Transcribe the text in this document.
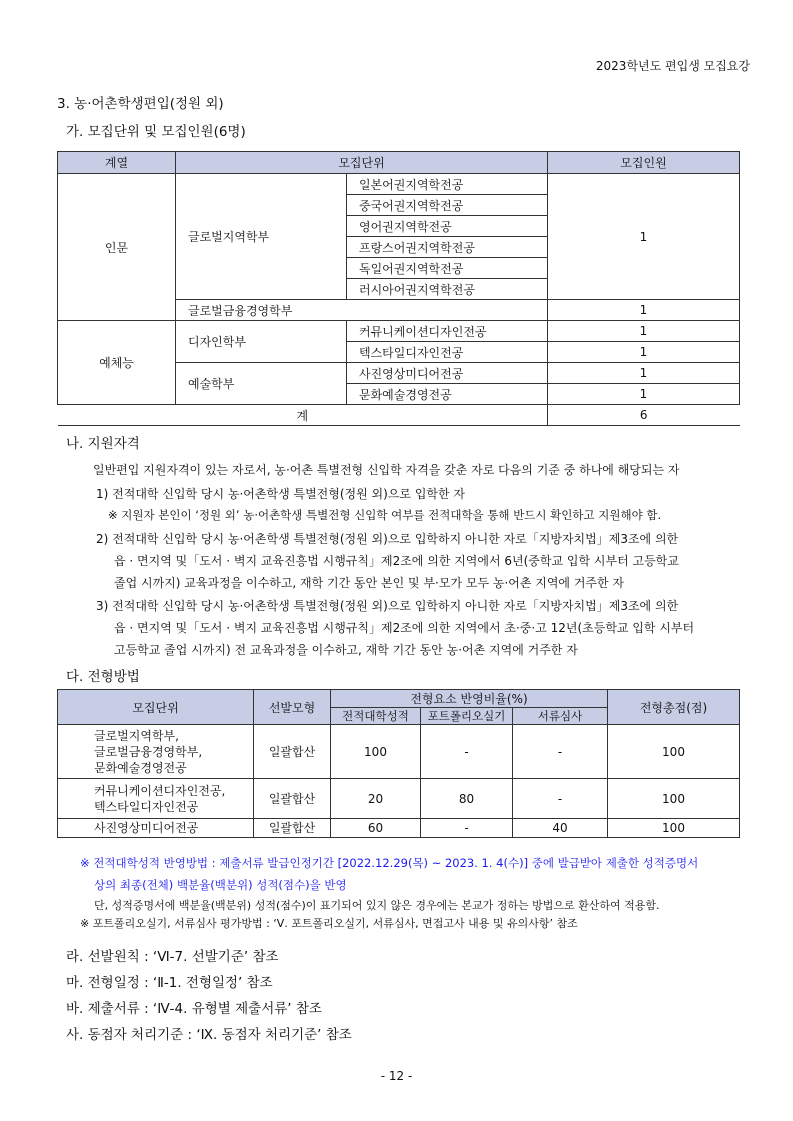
2023학년도 편입생 모집요강
3. 농·어촌학생편입(정원 외)
가. 모집단위 및 모집인원(6명)
계열	모집단위		모집인원
인문	글로벌지역학부	일본어권지역학전공	1
		중국어권지역학전공	
		영어권지역학전공	
		프랑스어권지역학전공	
		독일어권지역학전공	
		러시아어권지역학전공	
	글로벌금융경영학부		1
예체능	디자인학부	커뮤니케이션디자인전공	1
		텍스타일디자인전공	1
	예술학부	사진영상미디어전공	1
		문화예술경영전공	1
계			6
나. 지원자격
일반편입 지원자격이 있는 자로서, 농·어촌 특별전형 신입학 자격을 갖춘 자로 다음의 기준 중 하나에 해당되는 자
1) 전적대학 신입학 당시 농·어촌학생 특별전형(정원 외)으로 입학한 자
※ 지원자 본인이 ‘정원 외’ 농·어촌학생 특별전형 신입학 여부를 전적대학을 통해 반드시 확인하고 지원해야 함.
2) 전적대학 신입학 당시 농·어촌학생 특별전형(정원 외)으로 입학하지 아니한 자로「지방자치법」제3조에 의한
읍 · 면지역 및「도서 · 벽지 교육진흥법 시행규칙」제2조에 의한 지역에서 6년(중학교 입학 시부터 고등학교
졸업 시까지) 교육과정을 이수하고, 재학 기간 동안 본인 및 부·모가 모두 농·어촌 지역에 거주한 자
3) 전적대학 신입학 당시 농·어촌학생 특별전형(정원 외)으로 입학하지 아니한 자로「지방자치법」제3조에 의한
읍 · 면지역 및「도서 · 벽지 교육진흥법 시행규칙」제2조에 의한 지역에서 초·중·고 12년(초등학교 입학 시부터
고등학교 졸업 시까지) 전 교육과정을 이수하고, 재학 기간 동안 농·어촌 지역에 거주한 자
다. 전형방법
모집단위	선발모형	전형요소 반영비율(%)			전형총점(점)
		전적대학성적	포트폴리오실기	서류심사	

글로벌지역학부,
글로벌금융경영학부,
문화예술경영전공	일괄합산	100	-	-	100

커뮤니케이션디자인전공,
텍스타일디자인전공	일괄합산	20	80	-	100

사진영상미디어전공	일괄합산	60	-	40	100
※ 전적대학성적 반영방법 : 제출서류 발급인정기간 [2022.12.29(목) ~ 2023. 1. 4(수)] 중에 발급받아 제출한 성적증명서
상의 최종(전체) 백분율(백분위) 성적(점수)을 반영
단, 성적증명서에 백분율(백분위) 성적(점수)이 표기되어 있지 않은 경우에는 본교가 정하는 방법으로 환산하여 적용함.
※ 포트폴리오실기, 서류심사 평가방법 : ‘Ⅴ. 포트폴리오실기, 서류심사, 면접고사 내용 및 유의사항’ 참조
라. 선발원칙 : ‘Ⅵ-7. 선발기준’ 참조
마. 전형일정 : ‘Ⅱ-1. 전형일정’ 참조
바. 제출서류 : ‘Ⅳ-4. 유형별 제출서류’ 참조
사. 동점자 처리기준 : ‘Ⅸ. 동점자 처리기준’ 참조
- 12 -
